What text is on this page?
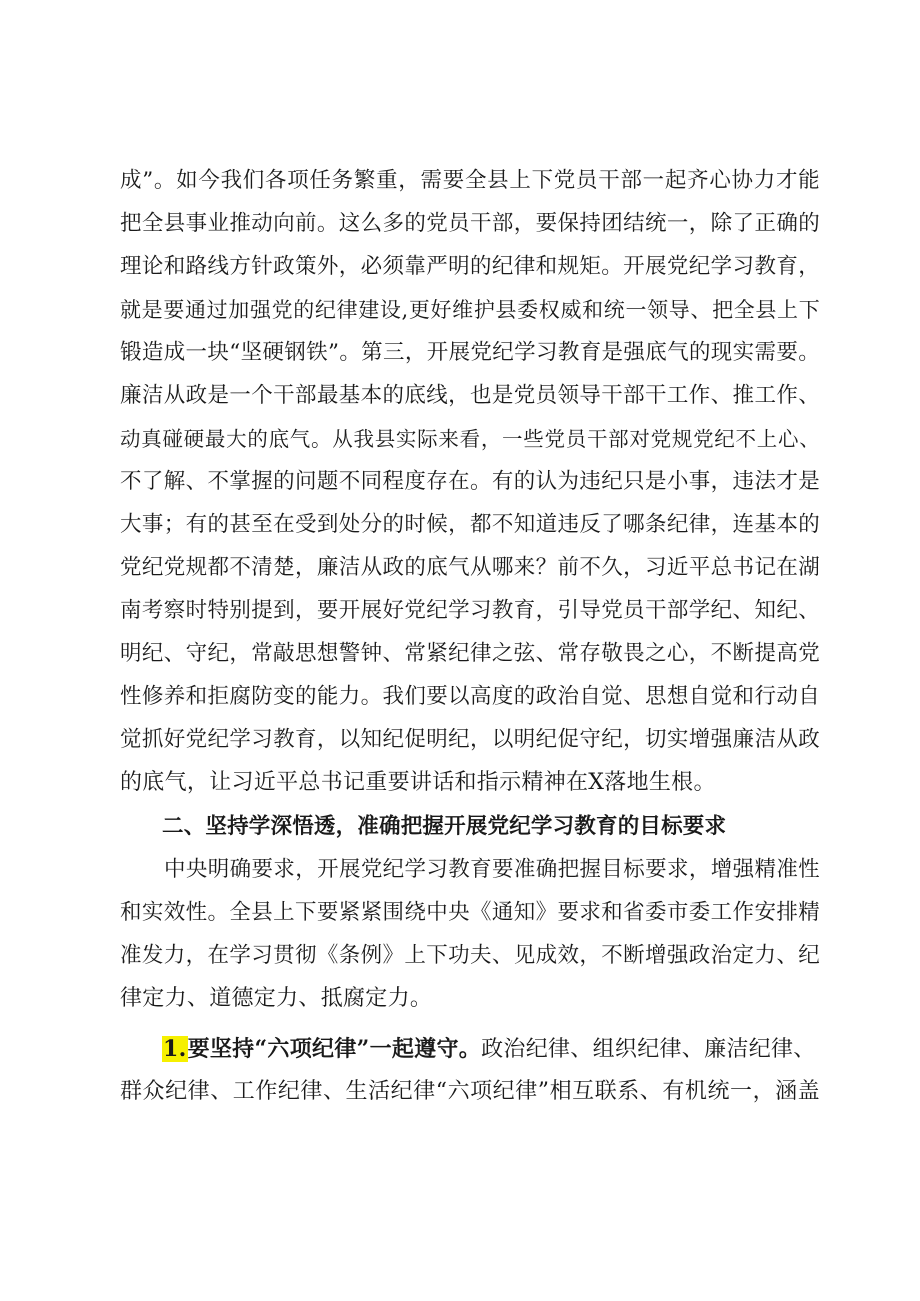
成”。如今我们各项任务繁重，需要全县上下党员干部一起齐心协力才能
把全县事业推动向前。这么多的党员干部，要保持团结统一，除了正确的
理论和路线方针政策外，必须靠严明的纪律和规矩。开展党纪学习教育，
就是要通过加强党的纪律建设,更好维护县委权威和统一领导、把全县上下
锻造成一块“坚硬钢铁”。第三，开展党纪学习教育是强底气的现实需要。
廉洁从政是一个干部最基本的底线，也是党员领导干部干工作、推工作、
动真碰硬最大的底气。从我县实际来看，一些党员干部对党规党纪不上心、
不了解、不掌握的问题不同程度存在。有的认为违纪只是小事，违法才是
大事；有的甚至在受到处分的时候，都不知道违反了哪条纪律，连基本的
党纪党规都不清楚，廉洁从政的底气从哪来？前不久，习近平总书记在湖
南考察时特别提到，要开展好党纪学习教育，引导党员干部学纪、知纪、
明纪、守纪，常敲思想警钟、常紧纪律之弦、常存敬畏之心，不断提高党
性修养和拒腐防变的能力。我们要以高度的政治自觉、思想自觉和行动自
觉抓好党纪学习教育，以知纪促明纪，以明纪促守纪，切实增强廉洁从政
的底气，让习近平总书记重要讲话和指示精神在X落地生根。
二、坚持学深悟透，准确把握开展党纪学习教育的目标要求
中央明确要求，开展党纪学习教育要准确把握目标要求，增强精准性
和实效性。全县上下要紧紧围绕中央《通知》要求和省委市委工作安排精
准发力，在学习贯彻《条例》上下功夫、见成效，不断增强政治定力、纪
律定力、道德定力、抵腐定力。
1.要坚持“六项纪律”一起遵守。政治纪律、组织纪律、廉洁纪律、
群众纪律、工作纪律、生活纪律“六项纪律”相互联系、有机统一，涵盖
